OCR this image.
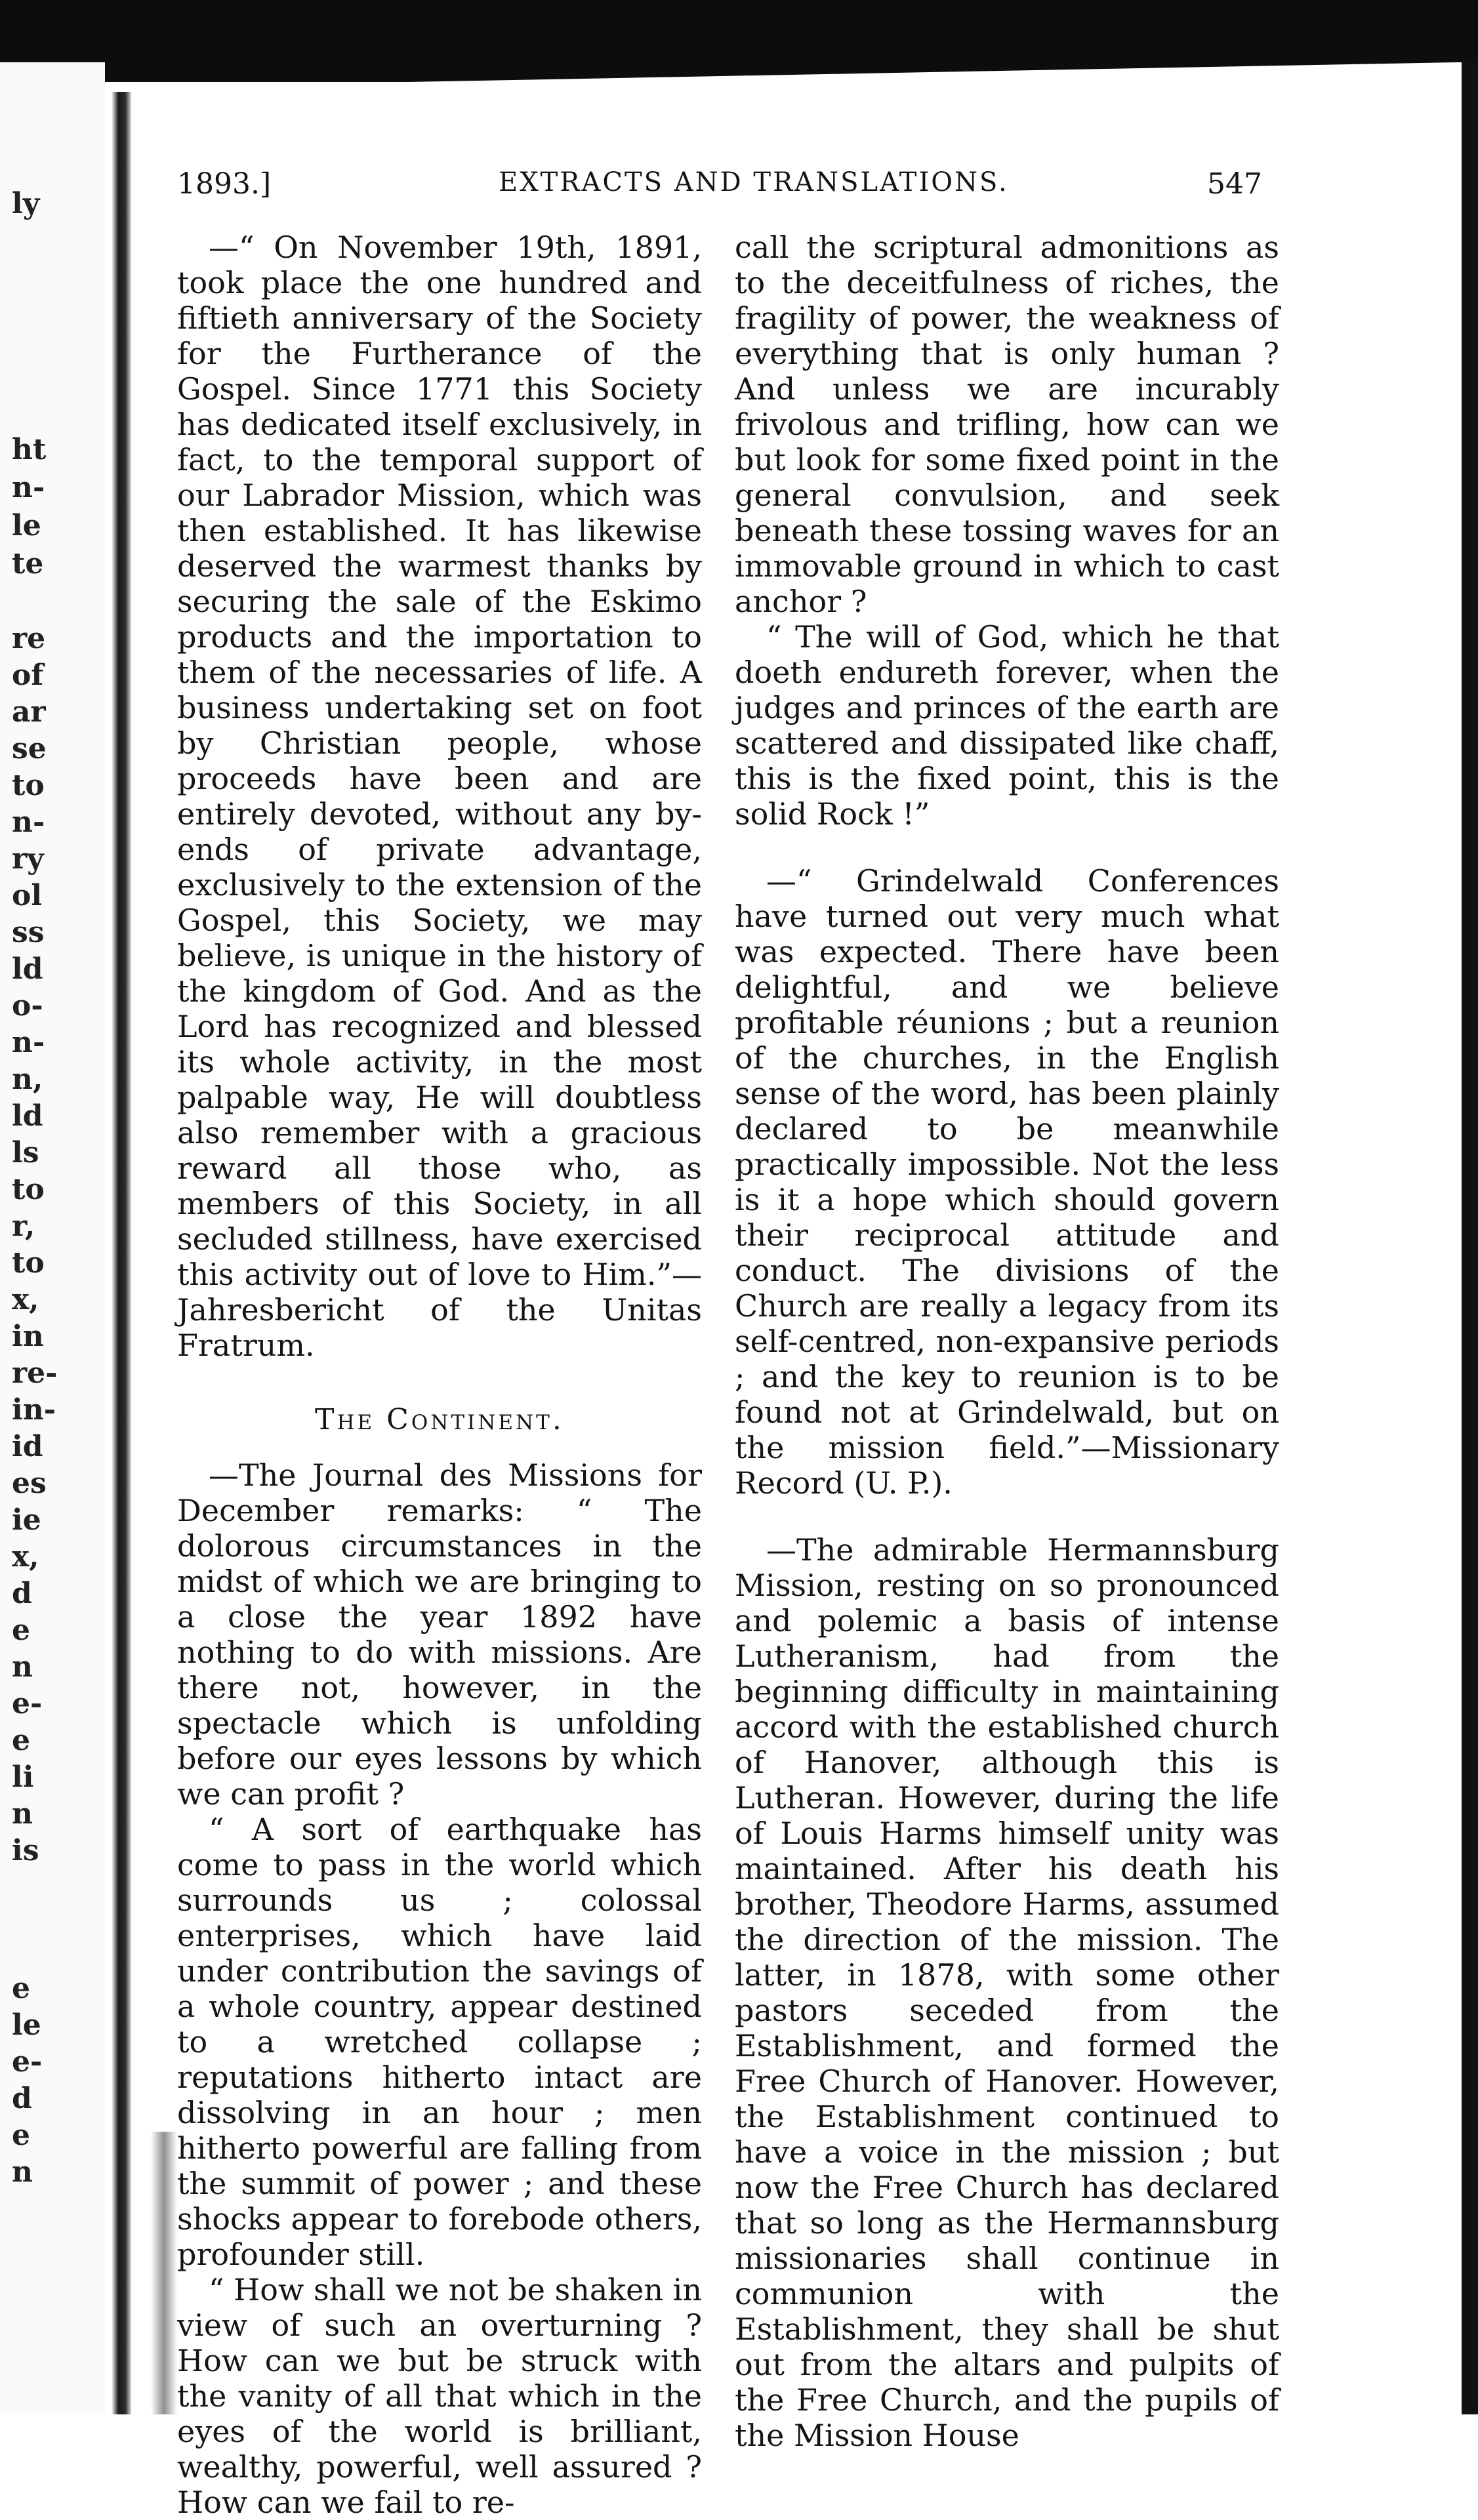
ly
ht
n-
le
te
re
of
ar
se
to
n-
ry
ol
ss
ld
o-
n-
n,
ld
ls
to
r,
to
x,
in
re-
in-
id
es
ie
x,
d
e
n
e-
e
li
n
is
e
le
e-
d
e
n
1893.]	EXTRACTS AND TRANSLATIONS.	547

—“ On November 19th, 1891, took place the one hundred and fiftieth anniversary of the Society for the Furtherance of the Gospel. Since 1771 this Society has dedicated itself exclusively, in fact, to the temporal support of our Labrador Mission, which was then established. It has likewise deserved the warmest thanks by securing the sale of the Eskimo products and the importation to them of the necessaries of life. A business undertaking set on foot by Christian people, whose proceeds have been and are entirely devoted, without any by-ends of private advantage, exclusively to the extension of the Gospel, this Society, we may believe, is unique in the history of the kingdom of God. And as the Lord has recognized and blessed its whole activity, in the most palpable way, He will doubtless also remember with a gracious reward all those who, as members of this Society, in all secluded stillness, have exercised this activity out of love to Him.”—Jahresbericht of the Unitas Fratrum.

The Continent.

—The Journal des Missions for December remarks: “ The dolorous circumstances in the midst of which we are bringing to a close the year 1892 have nothing to do with missions. Are there not, however, in the spectacle which is unfolding before our eyes lessons by which we can profit ?

“ A sort of earthquake has come to pass in the world which surrounds us ; colossal enterprises, which have laid under contribution the savings of a whole country, appear destined to a wretched collapse ; reputations hitherto intact are dissolving in an hour ; men hitherto powerful are falling from the summit of power ; and these shocks appear to forebode others, profounder still.

“ How shall we not be shaken in view of such an overturning ? How can we but be struck with the vanity of all that which in the eyes of the world is brilliant, wealthy, powerful, well assured ? How can we fail to re-

call the scriptural admonitions as to the deceitfulness of riches, the fragility of power, the weakness of everything that is only human ? And unless we are incurably frivolous and trifling, how can we but look for some fixed point in the general convulsion, and seek beneath these tossing waves for an immovable ground in which to cast anchor ?

“ The will of God, which he that doeth endureth forever, when the judges and princes of the earth are scattered and dissipated like chaff, this is the fixed point, this is the solid Rock !”

—“ Grindelwald Conferences have turned out very much what was expected. There have been delightful, and we believe profitable réunions ; but a reunion of the churches, in the English sense of the word, has been plainly declared to be meanwhile practically impossible. Not the less is it a hope which should govern their reciprocal attitude and conduct. The divisions of the Church are really a legacy from its self-centred, non-expansive periods ; and the key to reunion is to be found not at Grindelwald, but on the mission field.”—Missionary Record (U. P.).

—The admirable Hermannsburg Mission, resting on so pronounced and polemic a basis of intense Lutheranism, had from the beginning difficulty in maintaining accord with the established church of Hanover, although this is Lutheran. However, during the life of Louis Harms himself unity was maintained. After his death his brother, Theodore Harms, assumed the direction of the mission. The latter, in 1878, with some other pastors seceded from the Establishment, and formed the Free Church of Hanover. However, the Establishment continued to have a voice in the mission ; but now the Free Church has declared that so long as the Hermannsburg missionaries shall continue in communion with the Establishment, they shall be shut out from the altars and pulpits of the Free Church, and the pupils of the Mission House
